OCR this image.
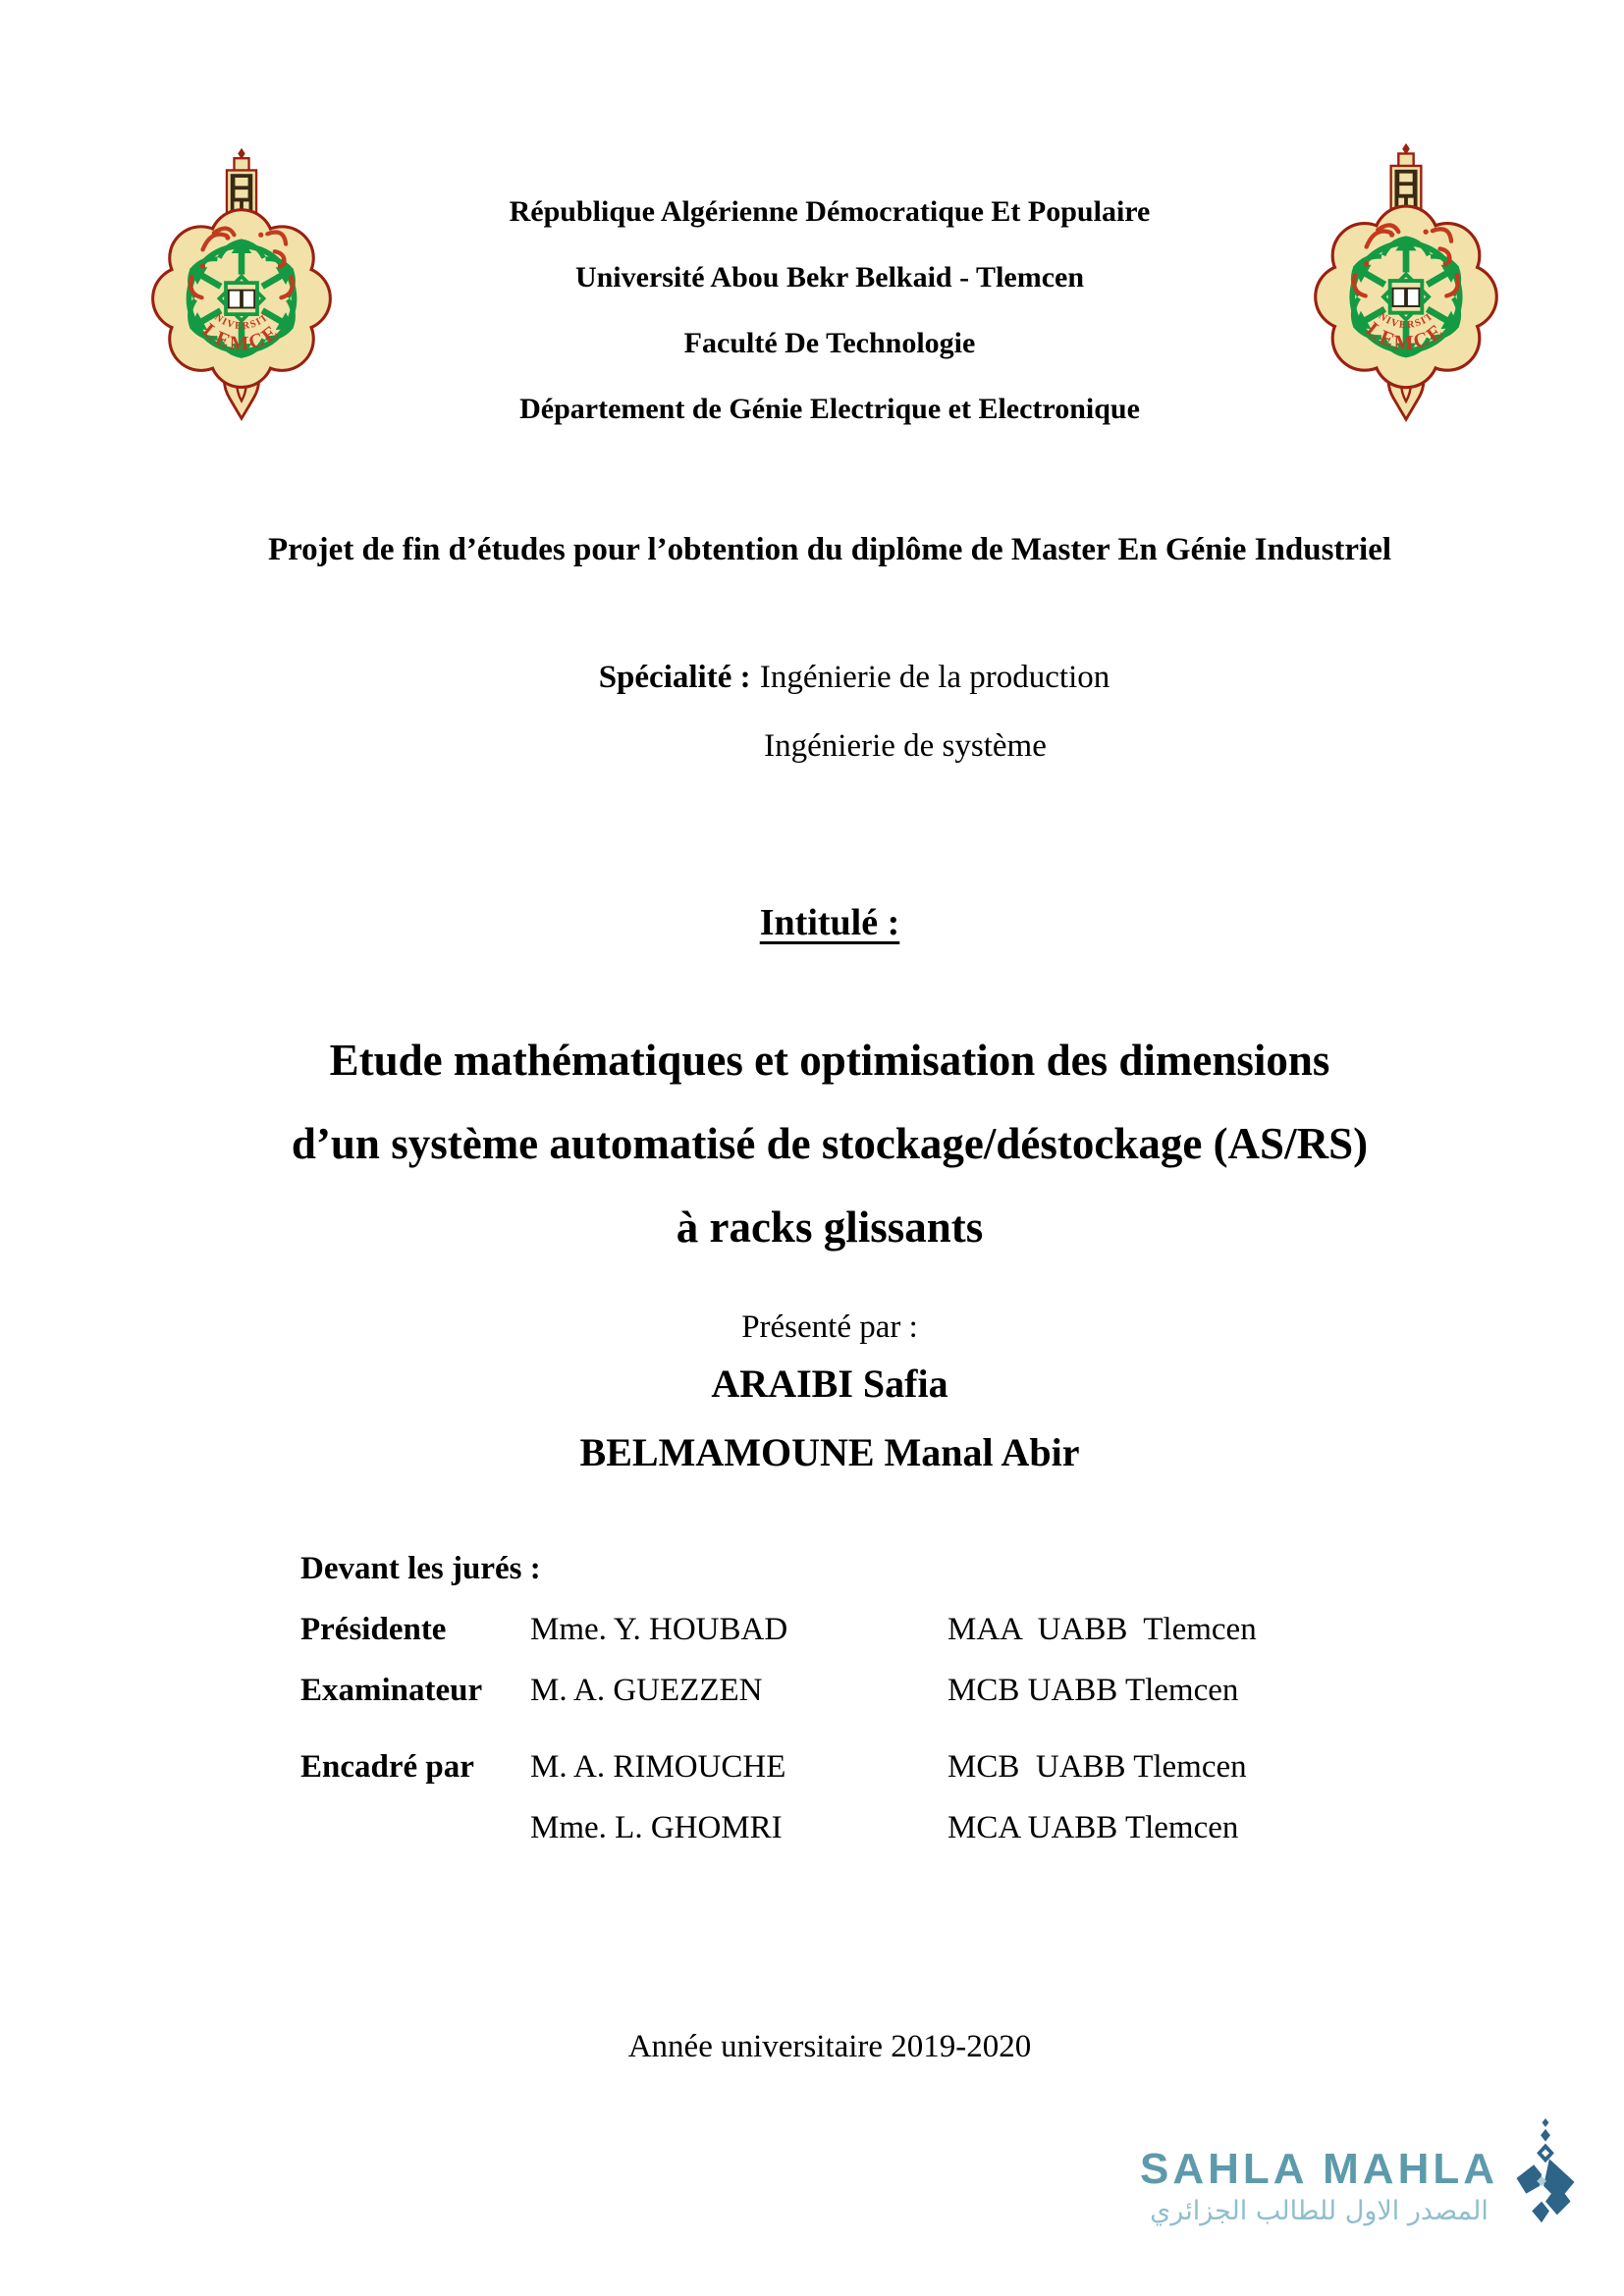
République Algérienne Démocratique Et Populaire
Université Abou Bekr Belkaid - Tlemcen
Faculté De Technologie
Département de Génie Electrique et Electronique
Projet de fin d’études pour l’obtention du diplôme de Master En Génie Industriel
Spécialité : Ingénierie de la production
Ingénierie de système
Intitulé :
Etude mathématiques et optimisation des dimensions
d’un système automatisé de stockage/déstockage (AS/RS)
à racks glissants
Présenté par :
ARAIBI Safia
BELMAMOUNE Manal Abir
Devant les jurés :
Présidente	Mme. Y. HOUBAD	MAA  UABB  Tlemcen
Examinateur	M. A. GUEZZEN	MCB UABB Tlemcen
Encadré par	M. A. RIMOUCHE	MCB  UABB Tlemcen
Mme. L. GHOMRI	MCA UABB Tlemcen
Année universitaire 2019-2020
SAHLA MAHLA
المصدر الاول للطالب الجزائري
